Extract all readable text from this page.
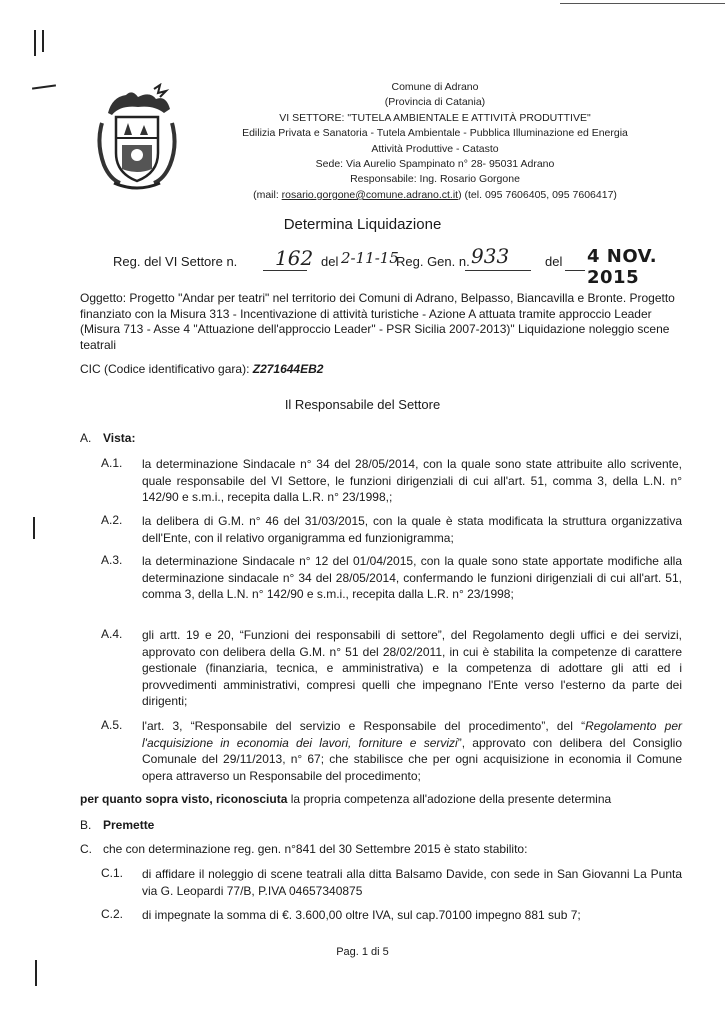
Comune di Adrano
(Provincia di Catania)
VI SETTORE: "TUTELA AMBIENTALE E ATTIVITÀ PRODUTTIVE"
Edilizia Privata e Sanatoria - Tutela Ambientale - Pubblica Illuminazione ed Energia
Attività Produttive - Catasto
Sede: Via Aurelio Spampinato n° 28- 95031 Adrano
Responsabile: Ing. Rosario Gorgone
(mail: rosario.gorgone@comune.adrano.ct.it) (tel. 095 7606405, 095 7606417)
Determina Liquidazione
Reg. del VI Settore n. 162 del 2-11-15
Reg. Gen. n. 933	del 4 NOV. 2015
Oggetto: Progetto "Andar per teatri" nel territorio dei Comuni di Adrano, Belpasso, Biancavilla e Bronte. Progetto finanziato con la Misura 313 - Incentivazione di attività turistiche - Azione A attuata tramite approccio Leader (Misura 713 - Asse 4 "Attuazione dell'approccio Leader" - PSR Sicilia 2007-2013)" Liquidazione noleggio scene teatrali
CIC (Codice identificativo gara): Z271644EB2
Il Responsabile del Settore
A. Vista:
A.1. la determinazione Sindacale n° 34 del 28/05/2014, con la quale sono state attribuite allo scrivente, quale responsabile del VI Settore, le funzioni dirigenziali di cui all'art. 51, comma 3, della L.N. n° 142/90 e s.m.i., recepita dalla L.R. n° 23/1998,;
A.2. la delibera di G.M. n° 46 del 31/03/2015, con la quale è stata modificata la struttura organizzativa dell'Ente, con il relativo organigramma ed funzionigramma;
A.3. la determinazione Sindacale n° 12 del 01/04/2015, con la quale sono state apportate modifiche alla determinazione sindacale n° 34 del 28/05/2014, confermando le funzioni dirigenziali di cui all'art. 51, comma 3, della L.N. n° 142/90 e s.m.i., recepita dalla L.R. n° 23/1998;
A.4. gli artt. 19 e 20, “Funzioni dei responsabili di settore”, del Regolamento degli uffici e dei servizi, approvato con delibera della G.M. n° 51 del 28/02/2011, in cui è stabilita la competenze di carattere gestionale (finanziaria, tecnica, e amministrativa) e la competenza di adottare gli atti ed i provvedimenti amministrativi, compresi quelli che impegnano l'Ente verso l'esterno da parte dei dirigenti;
A.5. l'art. 3, “Responsabile del servizio e Responsabile del procedimento”, del “Regolamento per l'acquisizione in economia dei lavori, forniture e servizi”, approvato con delibera del Consiglio Comunale del 29/11/2013, n° 67; che stabilisce che per ogni acquisizione in economia il Comune opera attraverso un Responsabile del procedimento;
per quanto sopra visto, riconosciuta la propria competenza all'adozione della presente determina
B. Premette
C. che con determinazione reg. gen. n°841 del 30 Settembre 2015 è stato stabilito:
C.1. di affidare il noleggio di scene teatrali alla ditta Balsamo Davide, con sede in San Giovanni La Punta via G. Leopardi 77/B, P.IVA 04657340875
C.2. di impegnate la somma di €. 3.600,00 oltre IVA, sul cap.70100 impegno 881 sub 7;
Pag. 1 di 5
